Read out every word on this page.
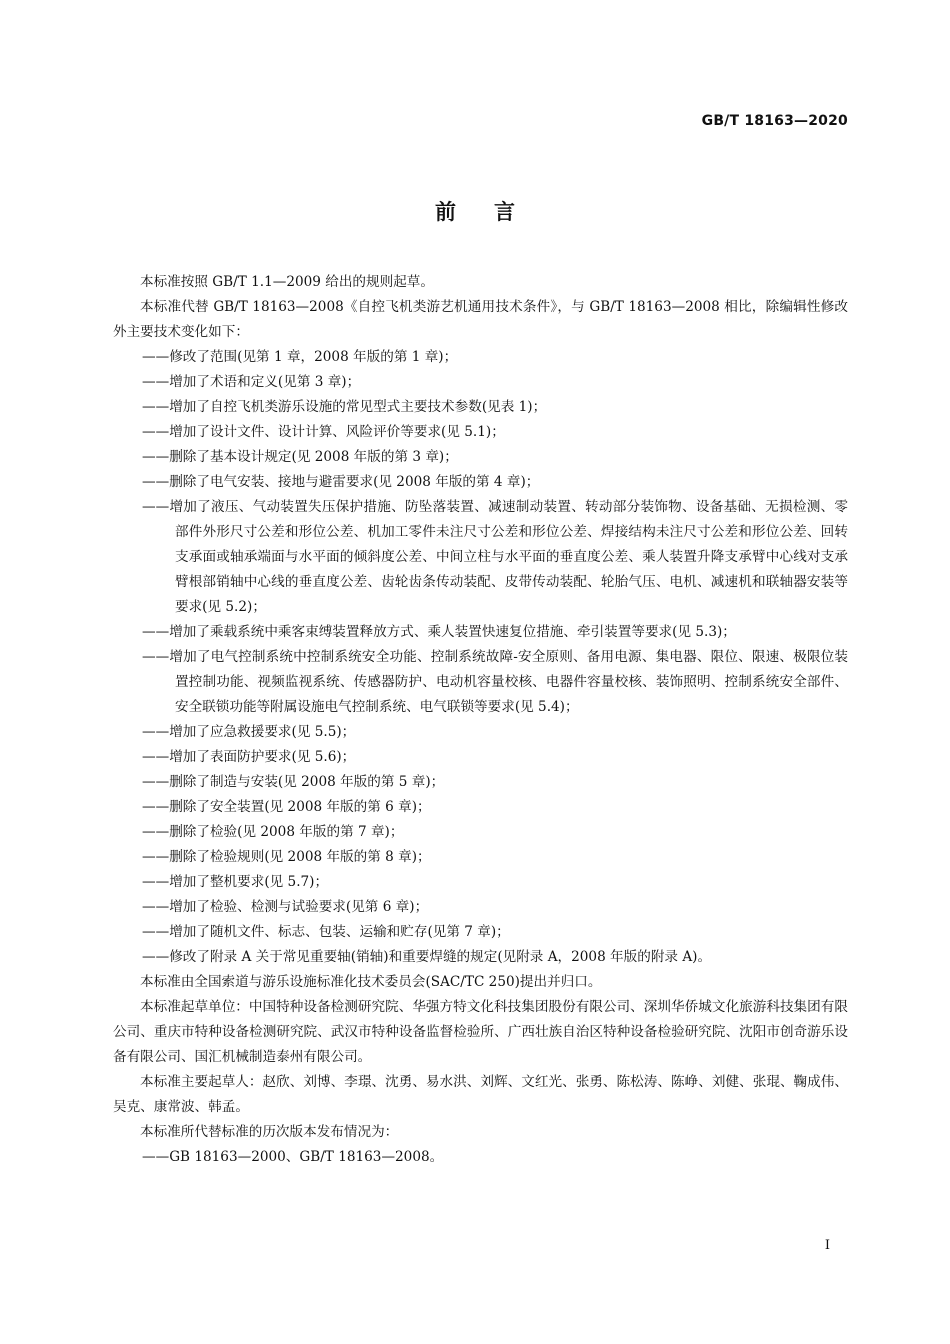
GB/T 18163—2020
前言

本标准按照 GB/T 1.1—2009 给出的规则起草。

本标准代替 GB/T 18163—2008《自控飞机类游艺机通用技术条件》，与 GB/T 18163—2008 相比，除编辑性修改外主要技术变化如下：

——修改了范围(见第 1 章，2008 年版的第 1 章)；

——增加了术语和定义(见第 3 章)；

——增加了自控飞机类游乐设施的常见型式主要技术参数(见表 1)；

——增加了设计文件、设计计算、风险评价等要求(见 5.1)；

——删除了基本设计规定(见 2008 年版的第 3 章)；

——删除了电气安装、接地与避雷要求(见 2008 年版的第 4 章)；

——增加了液压、气动装置失压保护措施、防坠落装置、减速制动装置、转动部分装饰物、设备基础、无损检测、零部件外形尺寸公差和形位公差、机加工零件未注尺寸公差和形位公差、焊接结构未注尺寸公差和形位公差、回转支承面或轴承端面与水平面的倾斜度公差、中间立柱与水平面的垂直度公差、乘人装置升降支承臂中心线对支承臂根部销轴中心线的垂直度公差、齿轮齿条传动装配、皮带传动装配、轮胎气压、电机、减速机和联轴器安装等要求(见 5.2)；

——增加了乘载系统中乘客束缚装置释放方式、乘人装置快速复位措施、牵引装置等要求(见 5.3)；

——增加了电气控制系统中控制系统安全功能、控制系统故障-安全原则、备用电源、集电器、限位、限速、极限位装置控制功能、视频监视系统、传感器防护、电动机容量校核、电器件容量校核、装饰照明、控制系统安全部件、安全联锁功能等附属设施电气控制系统、电气联锁等要求(见 5.4)；

——增加了应急救援要求(见 5.5)；

——增加了表面防护要求(见 5.6)；

——删除了制造与安装(见 2008 年版的第 5 章)；

——删除了安全装置(见 2008 年版的第 6 章)；

——删除了检验(见 2008 年版的第 7 章)；

——删除了检验规则(见 2008 年版的第 8 章)；

——增加了整机要求(见 5.7)；

——增加了检验、检测与试验要求(见第 6 章)；

——增加了随机文件、标志、包装、运输和贮存(见第 7 章)；

——修改了附录 A 关于常见重要轴(销轴)和重要焊缝的规定(见附录 A，2008 年版的附录 A)。

本标准由全国索道与游乐设施标准化技术委员会(SAC/TC 250)提出并归口。

本标准起草单位：中国特种设备检测研究院、华强方特文化科技集团股份有限公司、深圳华侨城文化旅游科技集团有限公司、重庆市特种设备检测研究院、武汉市特种设备监督检验所、广西壮族自治区特种设备检验研究院、沈阳市创奇游乐设备有限公司、国汇机械制造泰州有限公司。

本标准主要起草人：赵欣、刘博、李璟、沈勇、易水洪、刘辉、文红光、张勇、陈松涛、陈峥、刘健、张琨、鞠成伟、吴克、康常波、韩孟。

本标准所代替标准的历次版本发布情况为：

——GB 18163—2000、GB/T 18163—2008。

Ⅰ
